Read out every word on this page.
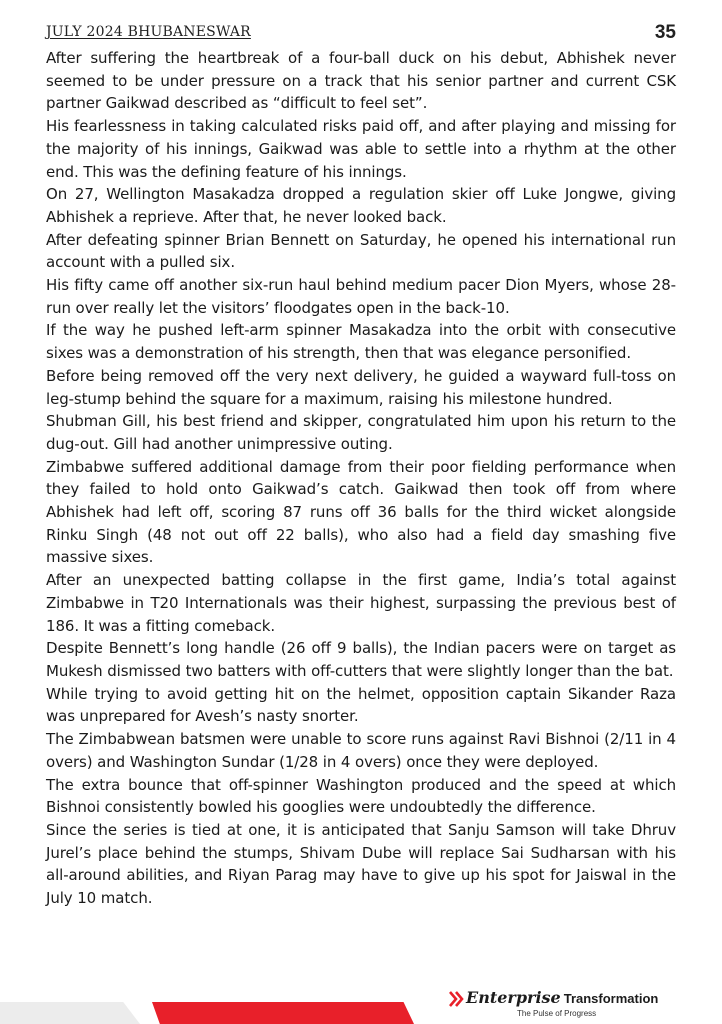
JULY 2024 BHUBANESWAR	35

After suffering the heartbreak of a four-ball duck on his debut, Abhishek never seemed to be under pressure on a track that his senior partner and current CSK partner Gaikwad described as “difficult to feel set”.

His fearlessness in taking calculated risks paid off, and after playing and missing for the majority of his innings, Gaikwad was able to settle into a rhythm at the other end. This was the defining feature of his innings.

On 27, Wellington Masakadza dropped a regulation skier off Luke Jongwe, giving Abhishek a reprieve. After that, he never looked back.

After defeating spinner Brian Bennett on Saturday, he opened his international run account with a pulled six.

His fifty came off another six-run haul behind medium pacer Dion Myers, whose 28-run over really let the visitors’ floodgates open in the back-10.

If the way he pushed left-arm spinner Masakadza into the orbit with consecutive sixes was a demonstration of his strength, then that was elegance personified.

Before being removed off the very next delivery, he guided a wayward full-toss on leg-stump behind the square for a maximum, raising his milestone hundred.

Shubman Gill, his best friend and skipper, congratulated him upon his return to the dug-out. Gill had another unimpressive outing.

Zimbabwe suffered additional damage from their poor fielding performance when they failed to hold onto Gaikwad’s catch. Gaikwad then took off from where Abhishek had left off, scoring 87 runs off 36 balls for the third wicket alongside Rinku Singh (48 not out off 22 balls), who also had a field day smashing five massive sixes.

After an unexpected batting collapse in the first game, India’s total against Zimbabwe in T20 Internationals was their highest, surpassing the previous best of 186. It was a fitting comeback.

Despite Bennett’s long handle (26 off 9 balls), the Indian pacers were on target as Mukesh dismissed two batters with off-cutters that were slightly longer than the bat.

While trying to avoid getting hit on the helmet, opposition captain Sikander Raza was unprepared for Avesh’s nasty snorter.

The Zimbabwean batsmen were unable to score runs against Ravi Bishnoi (2/11 in 4 overs) and Washington Sundar (1/28 in 4 overs) once they were deployed.

The extra bounce that off-spinner Washington produced and the speed at which Bishnoi consistently bowled his googlies were undoubtedly the difference.

Since the series is tied at one, it is anticipated that Sanju Samson will take Dhruv Jurel’s place behind the stumps, Shivam Dube will replace Sai Sudharsan with his all-around abilities, and Riyan Parag may have to give up his spot for Jaiswal in the July 10 match.

Enterprise Transformation
The Pulse of Progress
